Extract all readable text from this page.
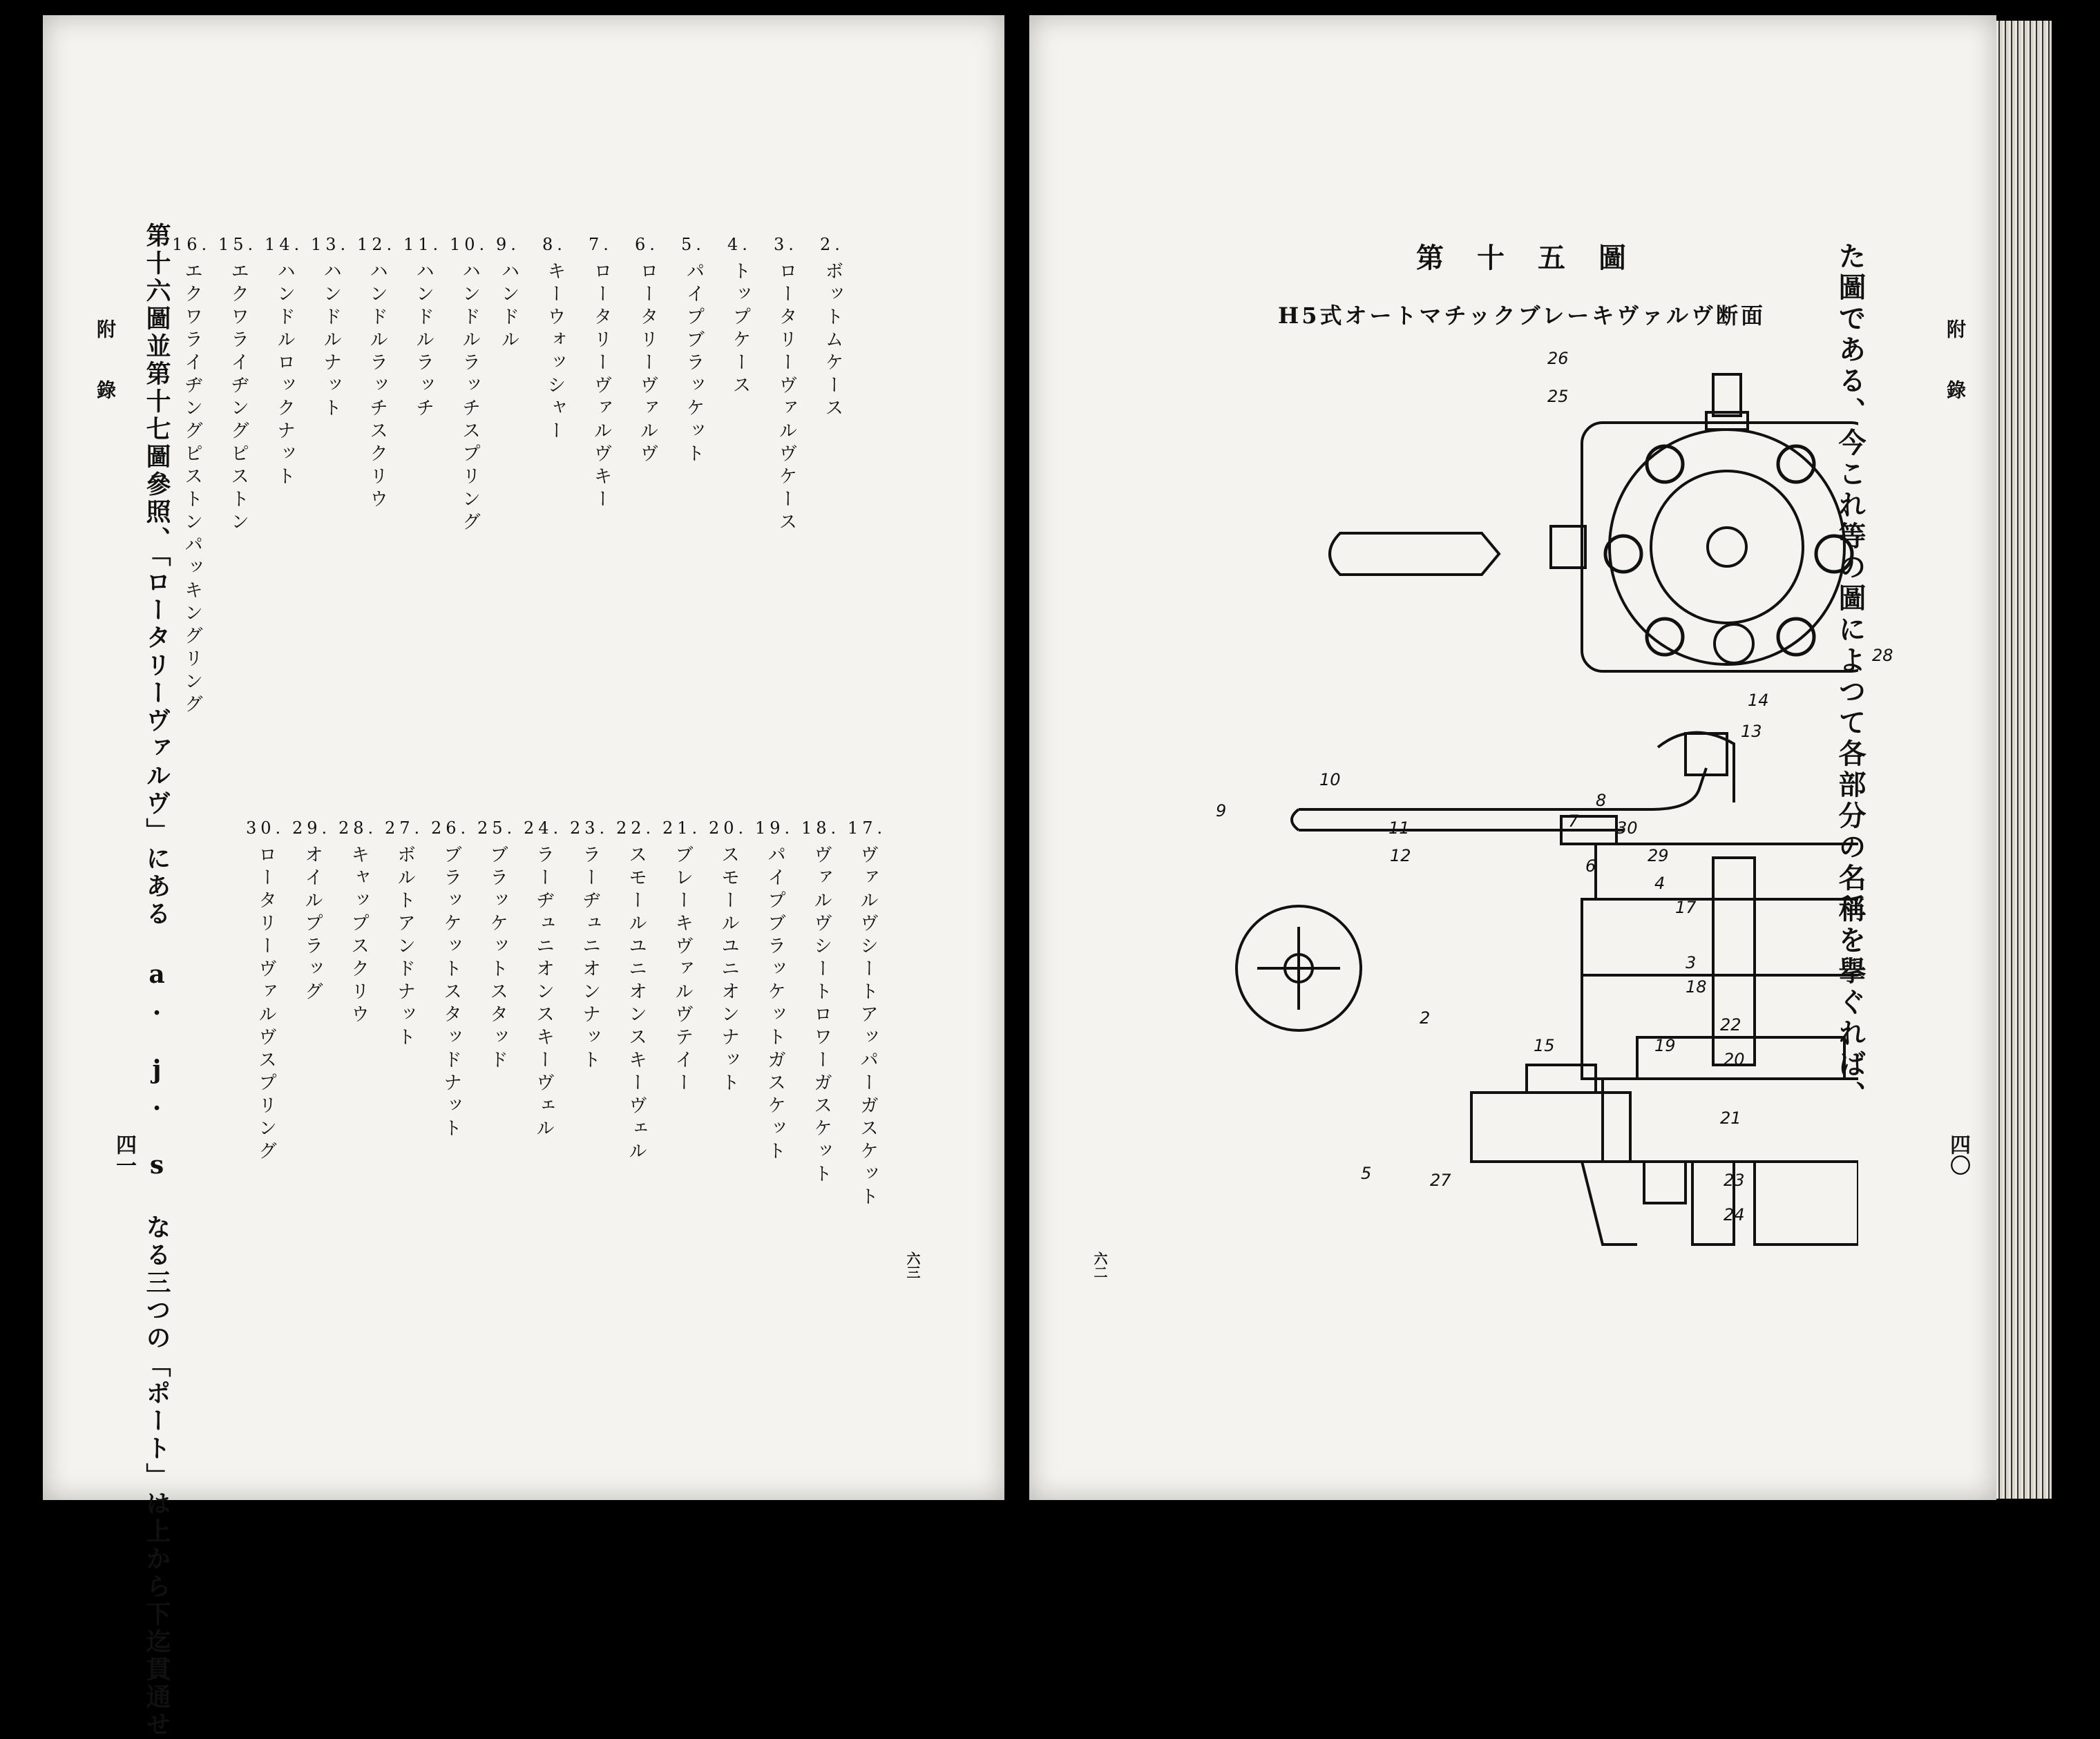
附錄
四一
六三
第十六圖並第十七圖參照、「ロータリーヴァルヴ」にある a. j. s なる三つの「ポート」は上から下迄貫通せ	2.ボットムケース
3.ロータリーヴァルヴケース
4.トップケース
5.パイプブラッケット
6.ロータリーヴァルヴ
7.ロータリーヴァルヴキー
8.キーウォッシャー
9.ハンドル
10.ハンドルラッチスプリング
11.ハンドルラッチ
12.ハンドルラッチスクリウ
13.ハンドルナット
14.ハンドルロックナット
15.エクワライヂングピストン
16.エクワライヂングピストンパッキングリング
17.ヴァルヴシートアッパーガスケット
18.ヴァルヴシートロワーガスケット
19.パイプブラッケットガスケット
20.スモールユニオンナット
21.ブレーキヴァルヴテイー
22.スモールユニオンスキーヴェル
23.ラーヂュニオンナット
24.ラーヂュニオンスキーヴェル
25.ブラッケットスタッド
26.ブラッケットスタッドナット
27.ボルトアンドナット
28.キャップスクリウ
29.オイルプラッグ
30.ロータリーヴァルヴスプリング
附錄
四〇
六二
た圖である、今これ等の圖によつて各部分の名稱を擧ぐれば、
第十五圖
H5式オートマチックブレーキヴァルヴ断面
26
25
28
14
13
10
8
7 30
29
6
4
17
9
11
12
3
18
2	22
20
19
21
15
5	27	23
24
